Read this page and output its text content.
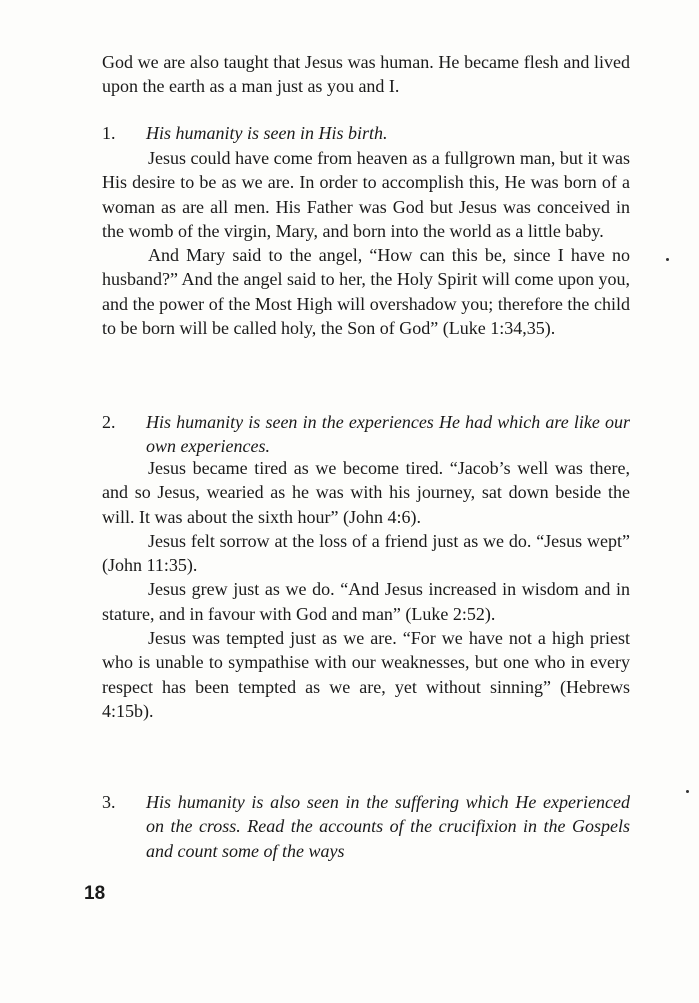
God we are also taught that Jesus was human. He became flesh and lived upon the earth as a man just as you and I.

1. His humanity is seen in His birth.

Jesus could have come from heaven as a fullgrown man, but it was His desire to be as we are. In order to accomplish this, He was born of a woman as are all men. His Father was God but Jesus was conceived in the womb of the virgin, Mary, and born into the world as a little baby.

And Mary said to the angel, “How can this be, since I have no husband?” And the angel said to her, the Holy Spirit will come upon you, and the power of the Most High will overshadow you; therefore the child to be born will be called holy, the Son of God” (Luke 1:34,35).

2. His humanity is seen in the experiences He had which are like our own experiences.

Jesus became tired as we become tired. “Jacob’s well was there, and so Jesus, wearied as he was with his journey, sat down beside the will. It was about the sixth hour” (John 4:6).

Jesus felt sorrow at the loss of a friend just as we do. “Jesus wept” (John 11:35).

Jesus grew just as we do. “And Jesus increased in wisdom and in stature, and in favour with God and man” (Luke 2:52).

Jesus was tempted just as we are. “For we have not a high priest who is unable to sympathise with our weaknesses, but one who in every respect has been tempted as we are, yet without sinning” (Hebrews 4:15b).

3. His humanity is also seen in the suffering which He experienced on the cross. Read the accounts of the crucifixion in the Gospels and count some of the ways
18
